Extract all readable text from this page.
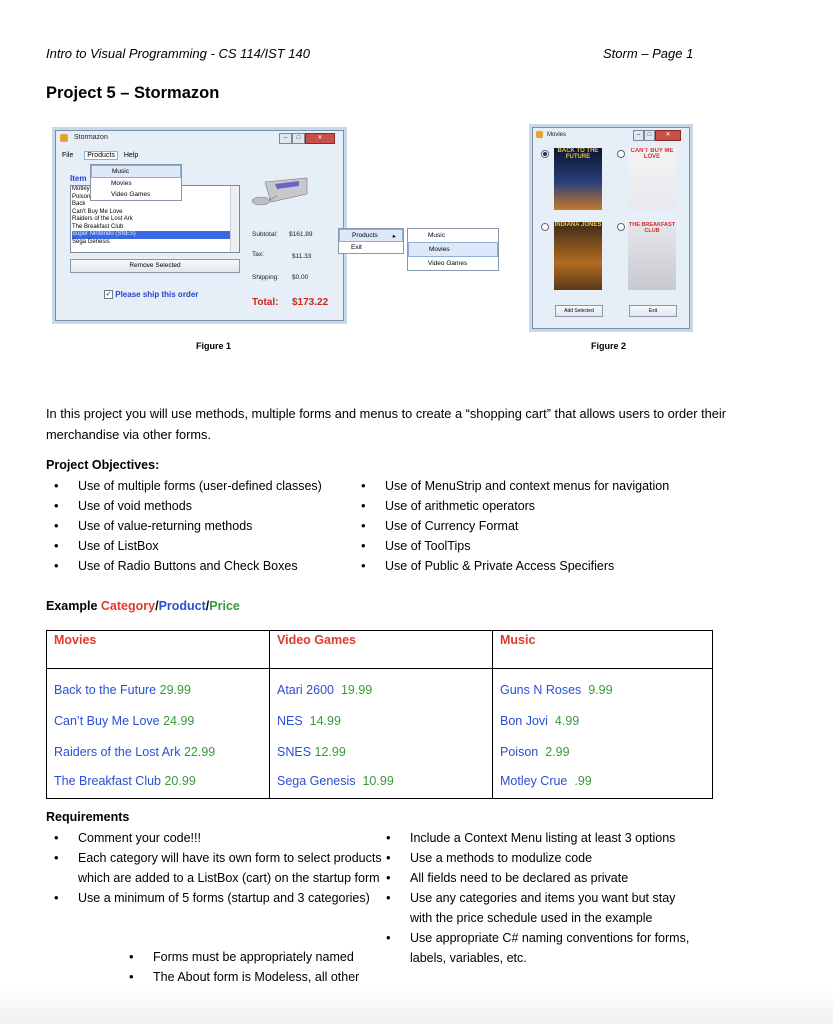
Intro to Visual Programming - CS 114/IST 140	Storm – Page 1
Project 5 – Stormazon
Stormazon	–	□	✕
File Products Help
Item
Motley
Poison
Back
Can't Buy Me Love
Raiders of the Lost Ark
The Breakfast Club
Super Nintendo (SNES)
Sega Genesis
Music
Movies
Video Games
Remove Selected
✓ Please ship this order
Subtotal: $161.89
Tax:	$11.33
Shipping: $0.00
Total: $173.22
Figure 1
Products ▸
Exit
Music
Movies
Video Games
Movies	–	□	✕
BACK TO THE FUTURE
CAN'T BUY ME LOVE
INDIANA JONES	THE BREAKFAST CLUB
Add Selected	Exit
Figure 2
In this project you will use methods, multiple forms and menus to create a “shopping cart” that allows users to order their merchandise via other forms.
Project Objectives:
• Use of multiple forms (user-defined classes)
• Use of void methods
• Use of value-returning methods
• Use of ListBox
• Use of Radio Buttons and Check Boxes
• Use of MenuStrip and context menus for navigation
• Use of arithmetic operators
• Use of Currency Format
• Use of ToolTips
• Use of Public & Private Access Specifiers
Example Category/Product/Price
Movies	Video Games	Music
Back to the Future 29.99	Atari 2600 19.99	Guns N Roses 9.99
Can’t Buy Me Love 24.99	NES 14.99	Bon Jovi 4.99
Raiders of the Lost Ark 22.99	SNES 12.99	Poison 2.99
The Breakfast Club 20.99	Sega Genesis 10.99	Motley Crue .99
Requirements
• Comment your code!!!
• Each category will have its own form to select products which are added to a ListBox (cart) on the startup form
• Use a minimum of 5 forms (startup and 3 categories)
• Forms must be appropriately named
• The About form is Modeless, all other
• Include a Context Menu listing at least 3 options
• Use a methods to modulize code
• All fields need to be declared as private
• Use any categories and items you want but stay with the price schedule used in the example
• Use appropriate C# naming conventions for forms, labels, variables, etc.
